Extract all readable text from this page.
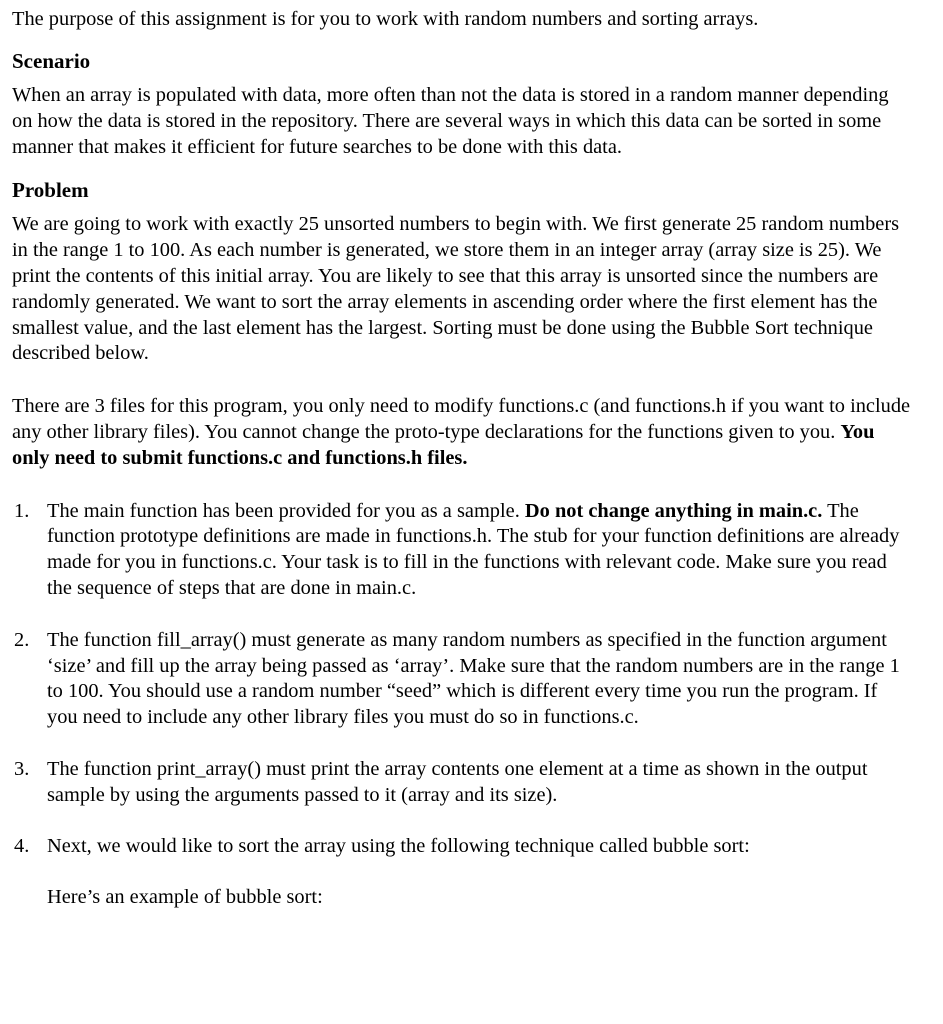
The purpose of this assignment is for you to work with random numbers and sorting arrays.

Scenario

When an array is populated with data, more often than not the data is stored in a random manner depending on how the data is stored in the repository. There are several ways in which this data can be sorted in some manner that makes it efficient for future searches to be done with this data.

Problem

We are going to work with exactly 25 unsorted numbers to begin with. We first generate 25 random numbers in the range 1 to 100. As each number is generated, we store them in an integer array (array size is 25). We print the contents of this initial array. You are likely to see that this array is unsorted since the numbers are randomly generated. We want to sort the array elements in ascending order where the first element has the smallest value, and the last element has the largest. Sorting must be done using the Bubble Sort technique described below.

There are 3 files for this program, you only need to modify functions.c (and functions.h if you want to include any other library files). You cannot change the proto-type declarations for the functions given to you. You only need to submit functions.c and functions.h files.

1. The main function has been provided for you as a sample. Do not change anything in main.c. The function prototype definitions are made in functions.h. The stub for your function definitions are already made for you in functions.c. Your task is to fill in the functions with relevant code. Make sure you read the sequence of steps that are done in main.c.
2. The function fill_array() must generate as many random numbers as specified in the function argument ‘size’ and fill up the array being passed as ‘array’. Make sure that the random numbers are in the range 1 to 100. You should use a random number “seed” which is different every time you run the program. If you need to include any other library files you must do so in functions.c.
3. The function print_array() must print the array contents one element at a time as shown in the output sample by using the arguments passed to it (array and its size).
4. Next, we would like to sort the array using the following technique called bubble sort:
Here’s an example of bubble sort:
